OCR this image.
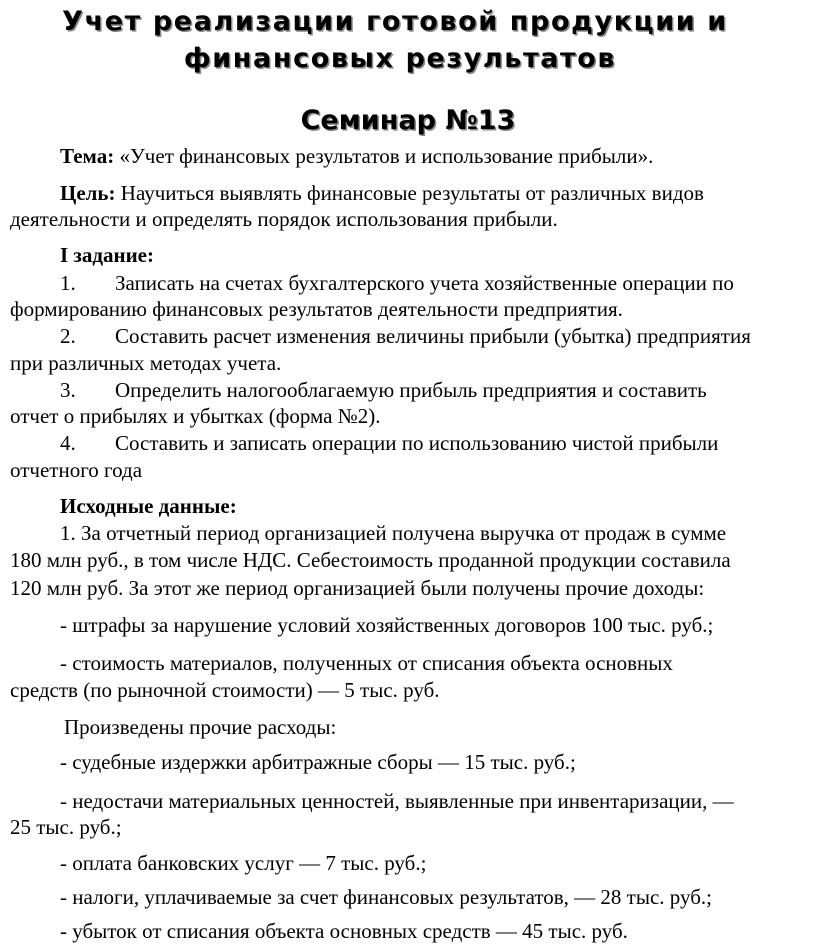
Учет реализации готовой продукции и
финансовых результатов
Семинар №13
Тема: «Учет финансовых результатов и использование прибыли».
Цель: Научиться выявлять финансовые результаты от различных видов
деятельности и определять порядок использования прибыли.
I задание:
1. Записать на счетах бухгалтерского учета хозяйственные операции по
формированию финансовых результатов деятельности предприятия.
2. Составить расчет изменения величины прибыли (убытка) предприятия
при различных методах учета.
3. Определить налогооблагаемую прибыль предприятия и составить
отчет о прибылях и убытках (форма №2).
4. Составить и записать операции по использованию чистой прибыли
отчетного года
Исходные данные:
1. За отчетный период организацией получена выручка от продаж в сумме
180 млн руб., в том числе НДС. Себестоимость проданной продукции составила
120 млн руб. За этот же период организацией были получены прочие доходы:
- штрафы за нарушение условий хозяйственных договоров 100 тыс. руб.;
- стоимость материалов, полученных от списания объекта основных
средств (по рыночной стоимости) — 5 тыс. руб.
Произведены прочие расходы:
- судебные издержки арбитражные сборы — 15 тыс. руб.;
- недостачи материальных ценностей, выявленные при инвентаризации, —
25 тыс. руб.;
- оплата банковских услуг — 7 тыс. руб.;
- налоги, уплачиваемые за счет финансовых результатов, — 28 тыс. руб.;
- убыток от списания объекта основных средств — 45 тыс. руб.
